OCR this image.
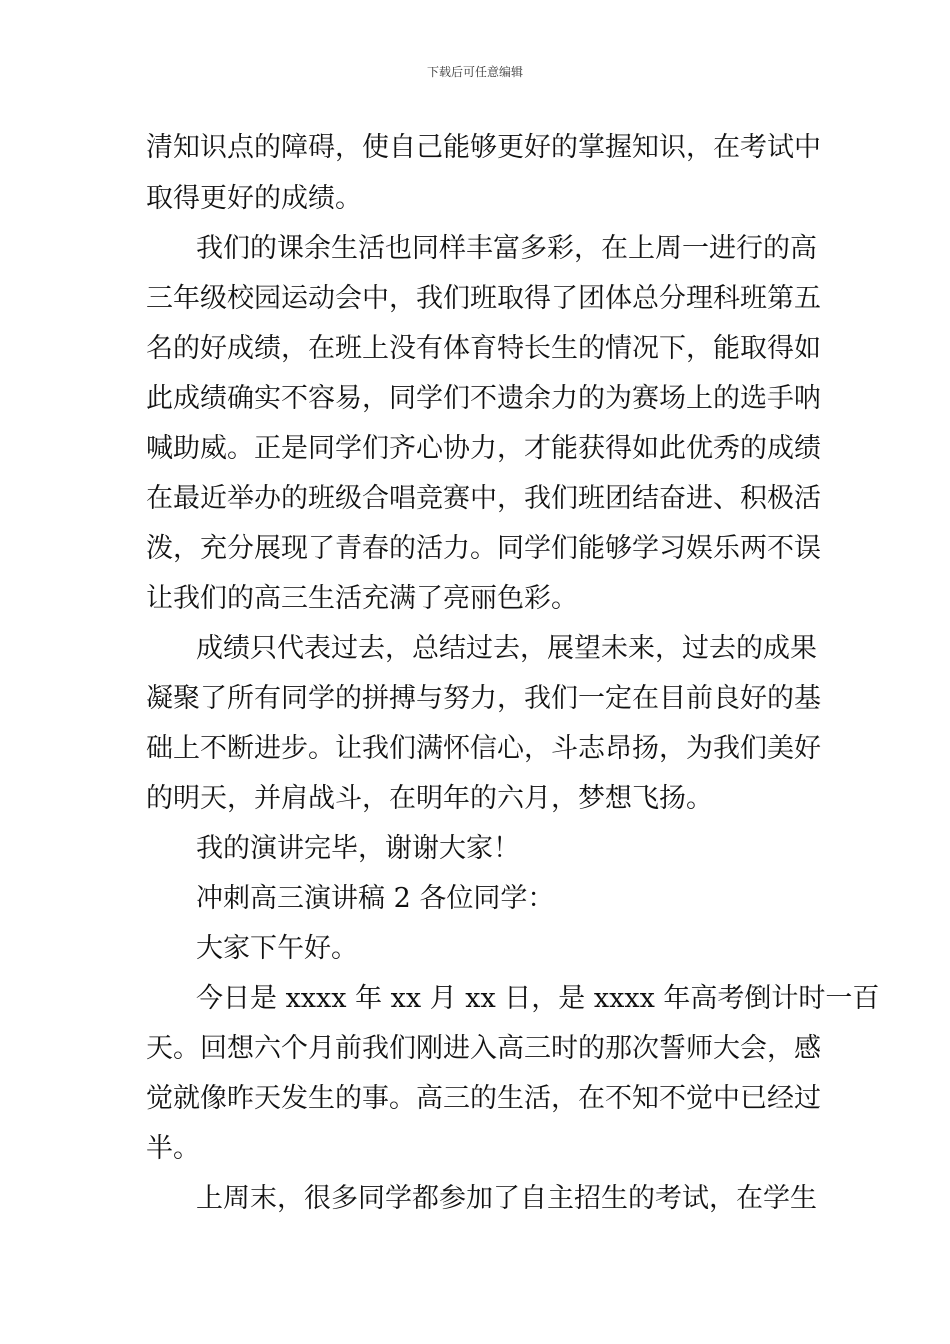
下载后可任意编辑
清知识点的障碍，使自己能够更好的掌握知识，在考试中
取得更好的成绩。
我们的课余生活也同样丰富多彩，在上周一进行的高
三年级校园运动会中，我们班取得了团体总分理科班第五
名的好成绩，在班上没有体育特长生的情况下，能取得如
此成绩确实不容易，同学们不遗余力的为赛场上的选手呐
喊助威。正是同学们齐心协力，才能获得如此优秀的成绩
在最近举办的班级合唱竞赛中，我们班团结奋进、积极活
泼，充分展现了青春的活力。同学们能够学习娱乐两不误
让我们的高三生活充满了亮丽色彩。
成绩只代表过去，总结过去，展望未来，过去的成果
凝聚了所有同学的拼搏与努力，我们一定在目前良好的基
础上不断进步。让我们满怀信心，斗志昂扬，为我们美好
的明天，并肩战斗，在明年的六月，梦想飞扬。
我的演讲完毕，谢谢大家！
冲刺高三演讲稿 2 各位同学：
大家下午好。
今日是 xxxx 年 xx 月 xx 日，是 xxxx 年高考倒计时一百
天。回想六个月前我们刚进入高三时的那次誓师大会，感
觉就像昨天发生的事。高三的生活，在不知不觉中已经过
半。
上周末，很多同学都参加了自主招生的考试，在学生
